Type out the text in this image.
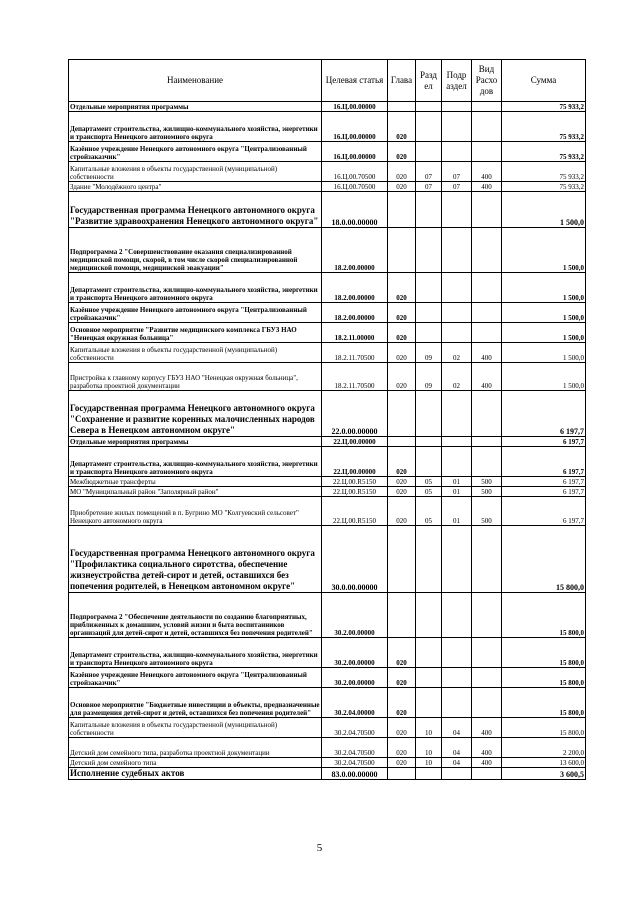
Наименование	Целевая статья	Глава	Разд ел	Подр аздел	Вид Расхо дов	Сумма
Отдельные мероприятия программы	16.Ц.00.00000					75 933,2
Департамент строительства, жилищно-коммунального хозяйства, энергетики и транспорта Ненецкого автономного округа	16.Ц.00.00000	020				75 933,2
Казённое учреждение Ненецкого автономного округа "Централизованный стройзаказчик"	16.Ц.00.00000	020				75 933,2
Капитальные вложения в объекты государственной (муниципальной) собственности	16.Ц.00.70500	020	07	07	400	75 933,2
Здание "Молодёжного центра"	16.Ц.00.70500	020	07	07	400	75 933,2
Государственная программа Ненецкого автономного округа "Развитие здравоохранения Ненецкого автономного округа"	18.0.00.00000					1 500,0
Подпрограмма 2 "Совершенствование оказания специализированной медицинской помощи, скорой, в том числе скорой специализированной медицинской помощи, медицинской эвакуации"	18.2.00.00000					1 500,0
Департамент строительства, жилищно-коммунального хозяйства, энергетики и транспорта Ненецкого автономного округа	18.2.00.00000	020				1 500,0
Казённое учреждение Ненецкого автономного округа "Централизованный стройзаказчик"	18.2.00.00000	020				1 500,0
Основное мероприятие "Развитие медицинского комплекса ГБУЗ НАО "Ненецкая окружная больница"	18.2.11.00000	020				1 500,0
Капитальные вложения в объекты государственной (муниципальной) собственности	18.2.11.70500	020	09	02	400	1 500,0
Пристройка к главному корпусу ГБУЗ НАО "Ненецкая окружная больница", разработка проектной документации	18.2.11.70500	020	09	02	400	1 500,0
Государственная программа Ненецкого автономного округа "Сохранение и развитие коренных малочисленных народов Севера в Ненецком автономном округе"	22.0.00.00000					6 197,7
Отдельные мероприятия программы	22.Ц.00.00000					6 197,7
Департамент строительства, жилищно-коммунального хозяйства, энергетики и транспорта Ненецкого автономного округа	22.Ц.00.00000	020				6 197,7
Межбюджетные трансферты	22.Ц.00.R5150	020	05	01	500	6 197,7
МО "Муниципальный район "Заполярный район"	22.Ц.00.R5150	020	05	01	500	6 197,7
Приобретение жилых помещений в п. Бугрино МО "Колгуевский сельсовет" Ненецкого автономного округа	22.Ц.00.R5150	020	05	01	500	6 197,7
Государственная программа Ненецкого автономного округа "Профилактика социального сиротства, обеспечение жизнеустройства детей-сирот и детей, оставшихся без попечения родителей, в Ненецком автономном округе"	30.0.00.00000					15 800,0
Подпрограмма 2 "Обеспечение деятельности по созданию благоприятных, приближенных к домашним, условий жизни и быта воспитанников организаций для детей-сирот и детей, оставшихся без попечения родителей"	30.2.00.00000					15 800,0
Департамент строительства, жилищно-коммунального хозяйства, энергетики и транспорта Ненецкого автономного округа	30.2.00.00000	020				15 800,0
Казённое учреждение Ненецкого автономного округа "Централизованный стройзаказчик"	30.2.00.00000	020				15 800,0
Основное мероприятие "Бюджетные инвестиции в объекты, предназначенные для размещения детей-сирот и детей, оставшихся без попечения родителей"	30.2.04.00000	020				15 800,0
Капитальные вложения в объекты государственной (муниципальной) собственности	30.2.04.70500	020	10	04	400	15 800,0
Детский дом семейного типа, разработка проектной документации	30.2.04.70500	020	10	04	400	2 200,0
Детский дом семейного типа	30.2.04.70500	020	10	04	400	13 600,0
Исполнение судебных актов	83.0.00.00000					3 600,5
5
